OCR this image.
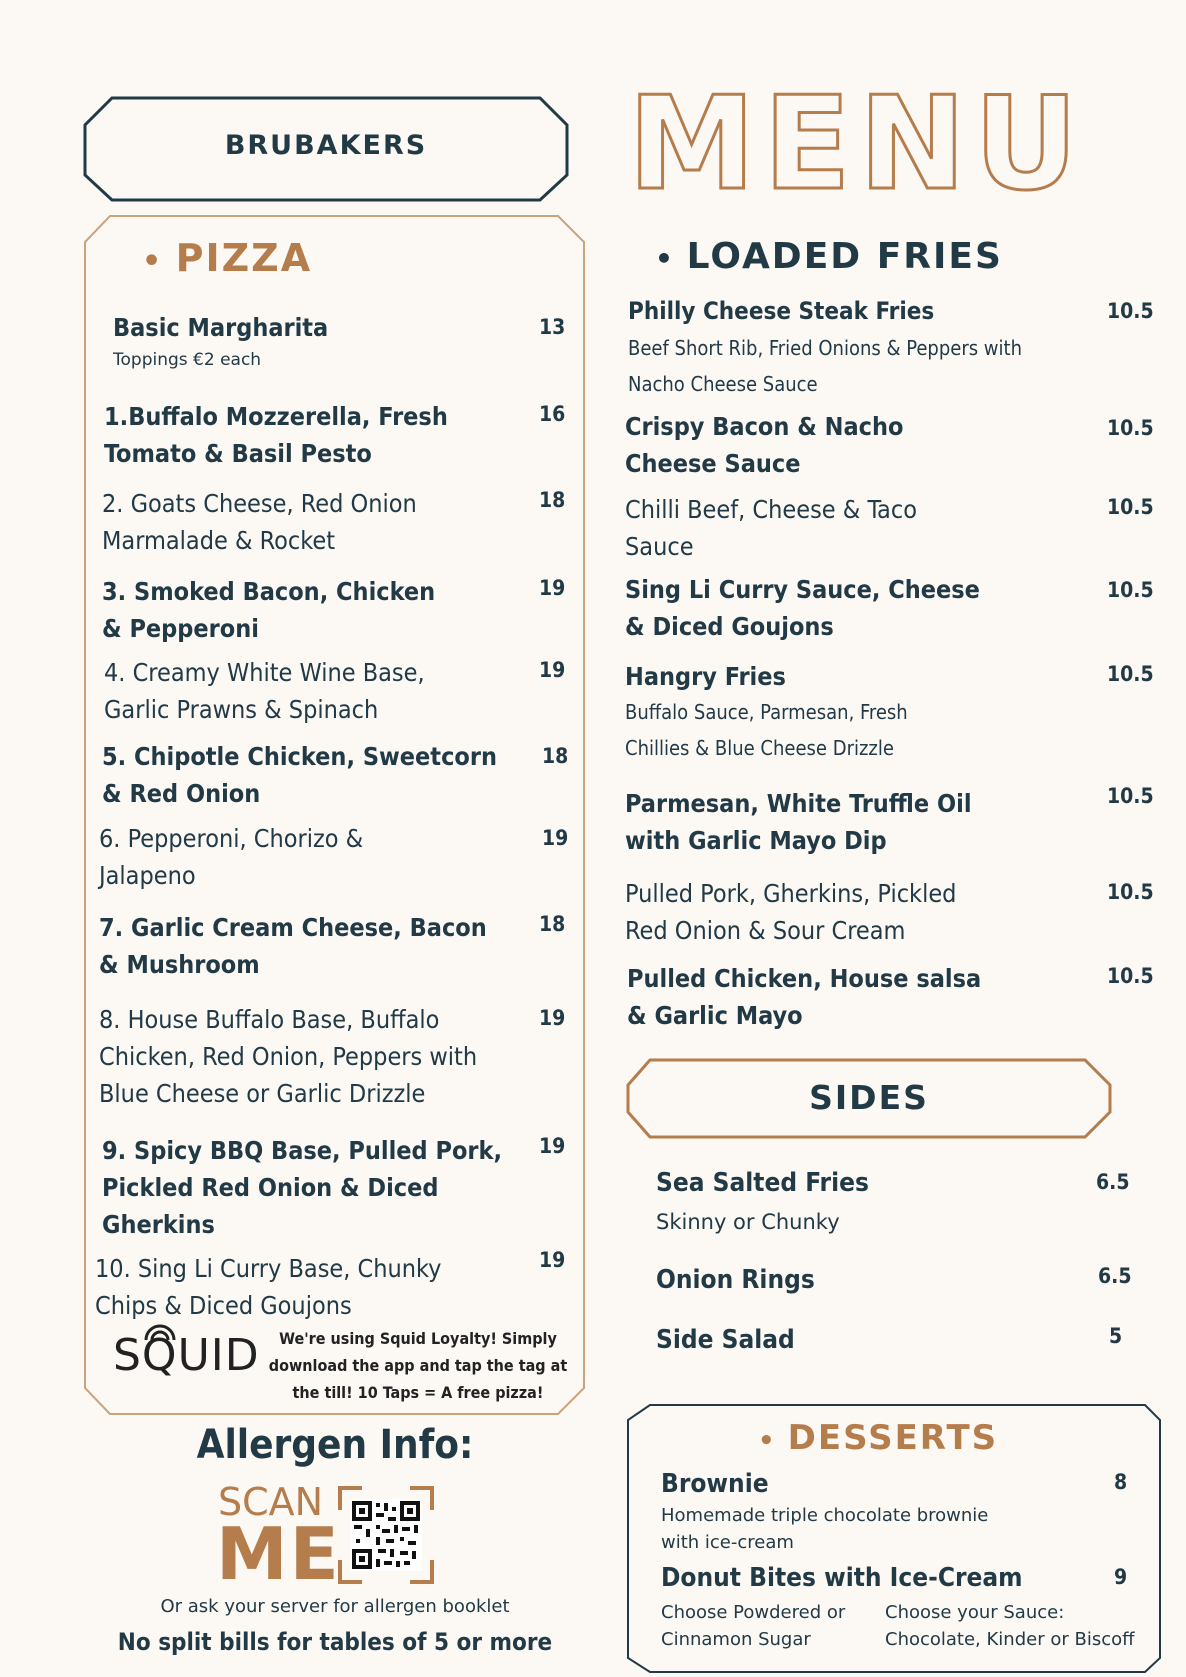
MENU
BRUBAKERS
• PIZZA
Basic Margharita
Toppings €2 each
13
1.Buffalo Mozzerella, Fresh
Tomato & Basil Pesto
16
2. Goats Cheese, Red Onion
Marmalade & Rocket
18
3. Smoked Bacon, Chicken
& Pepperoni
19
4. Creamy White Wine Base,
Garlic Prawns & Spinach
19
5. Chipotle Chicken, Sweetcorn
& Red Onion
18
6. Pepperoni, Chorizo &
Jalapeno
19
7. Garlic Cream Cheese, Bacon
& Mushroom
18
8. House Buffalo Base, Buffalo
Chicken, Red Onion, Peppers with
Blue Cheese or Garlic Drizzle
19
9. Spicy BBQ Base, Pulled Pork,
Pickled Red Onion & Diced
Gherkins
19
10. Sing Li Curry Base, Chunky
Chips & Diced Goujons
19
SQUID	We're using Squid Loyalty! Simply
download the app and tap the tag at
the till! 10 Taps = A free pizza!
Allergen Info:
SCAN
ME
Or ask your server for allergen booklet
No split bills for tables of 5 or more
• LOADED FRIES
Philly Cheese Steak Fries
Beef Short Rib, Fried Onions & Peppers with
Nacho Cheese Sauce
10.5
Crispy Bacon & Nacho
Cheese Sauce
10.5
Chilli Beef, Cheese & Taco
Sauce
10.5
Sing Li Curry Sauce, Cheese
& Diced Goujons
10.5
Hangry Fries
Buffalo Sauce, Parmesan, Fresh
Chillies & Blue Cheese Drizzle
10.5
Parmesan, White Truffle Oil
with Garlic Mayo Dip
10.5
Pulled Pork, Gherkins, Pickled
Red Onion & Sour Cream
10.5
Pulled Chicken, House salsa
& Garlic Mayo
10.5
SIDES
Sea Salted Fries
Skinny or Chunky
6.5
Onion Rings	6.5
Side Salad	5
• DESSERTS
Brownie
Homemade triple chocolate brownie
with ice-cream
8
Donut Bites with Ice-Cream
Choose Powdered or
Cinnamon Sugar
Choose your Sauce:
Chocolate, Kinder or Biscoff
9
